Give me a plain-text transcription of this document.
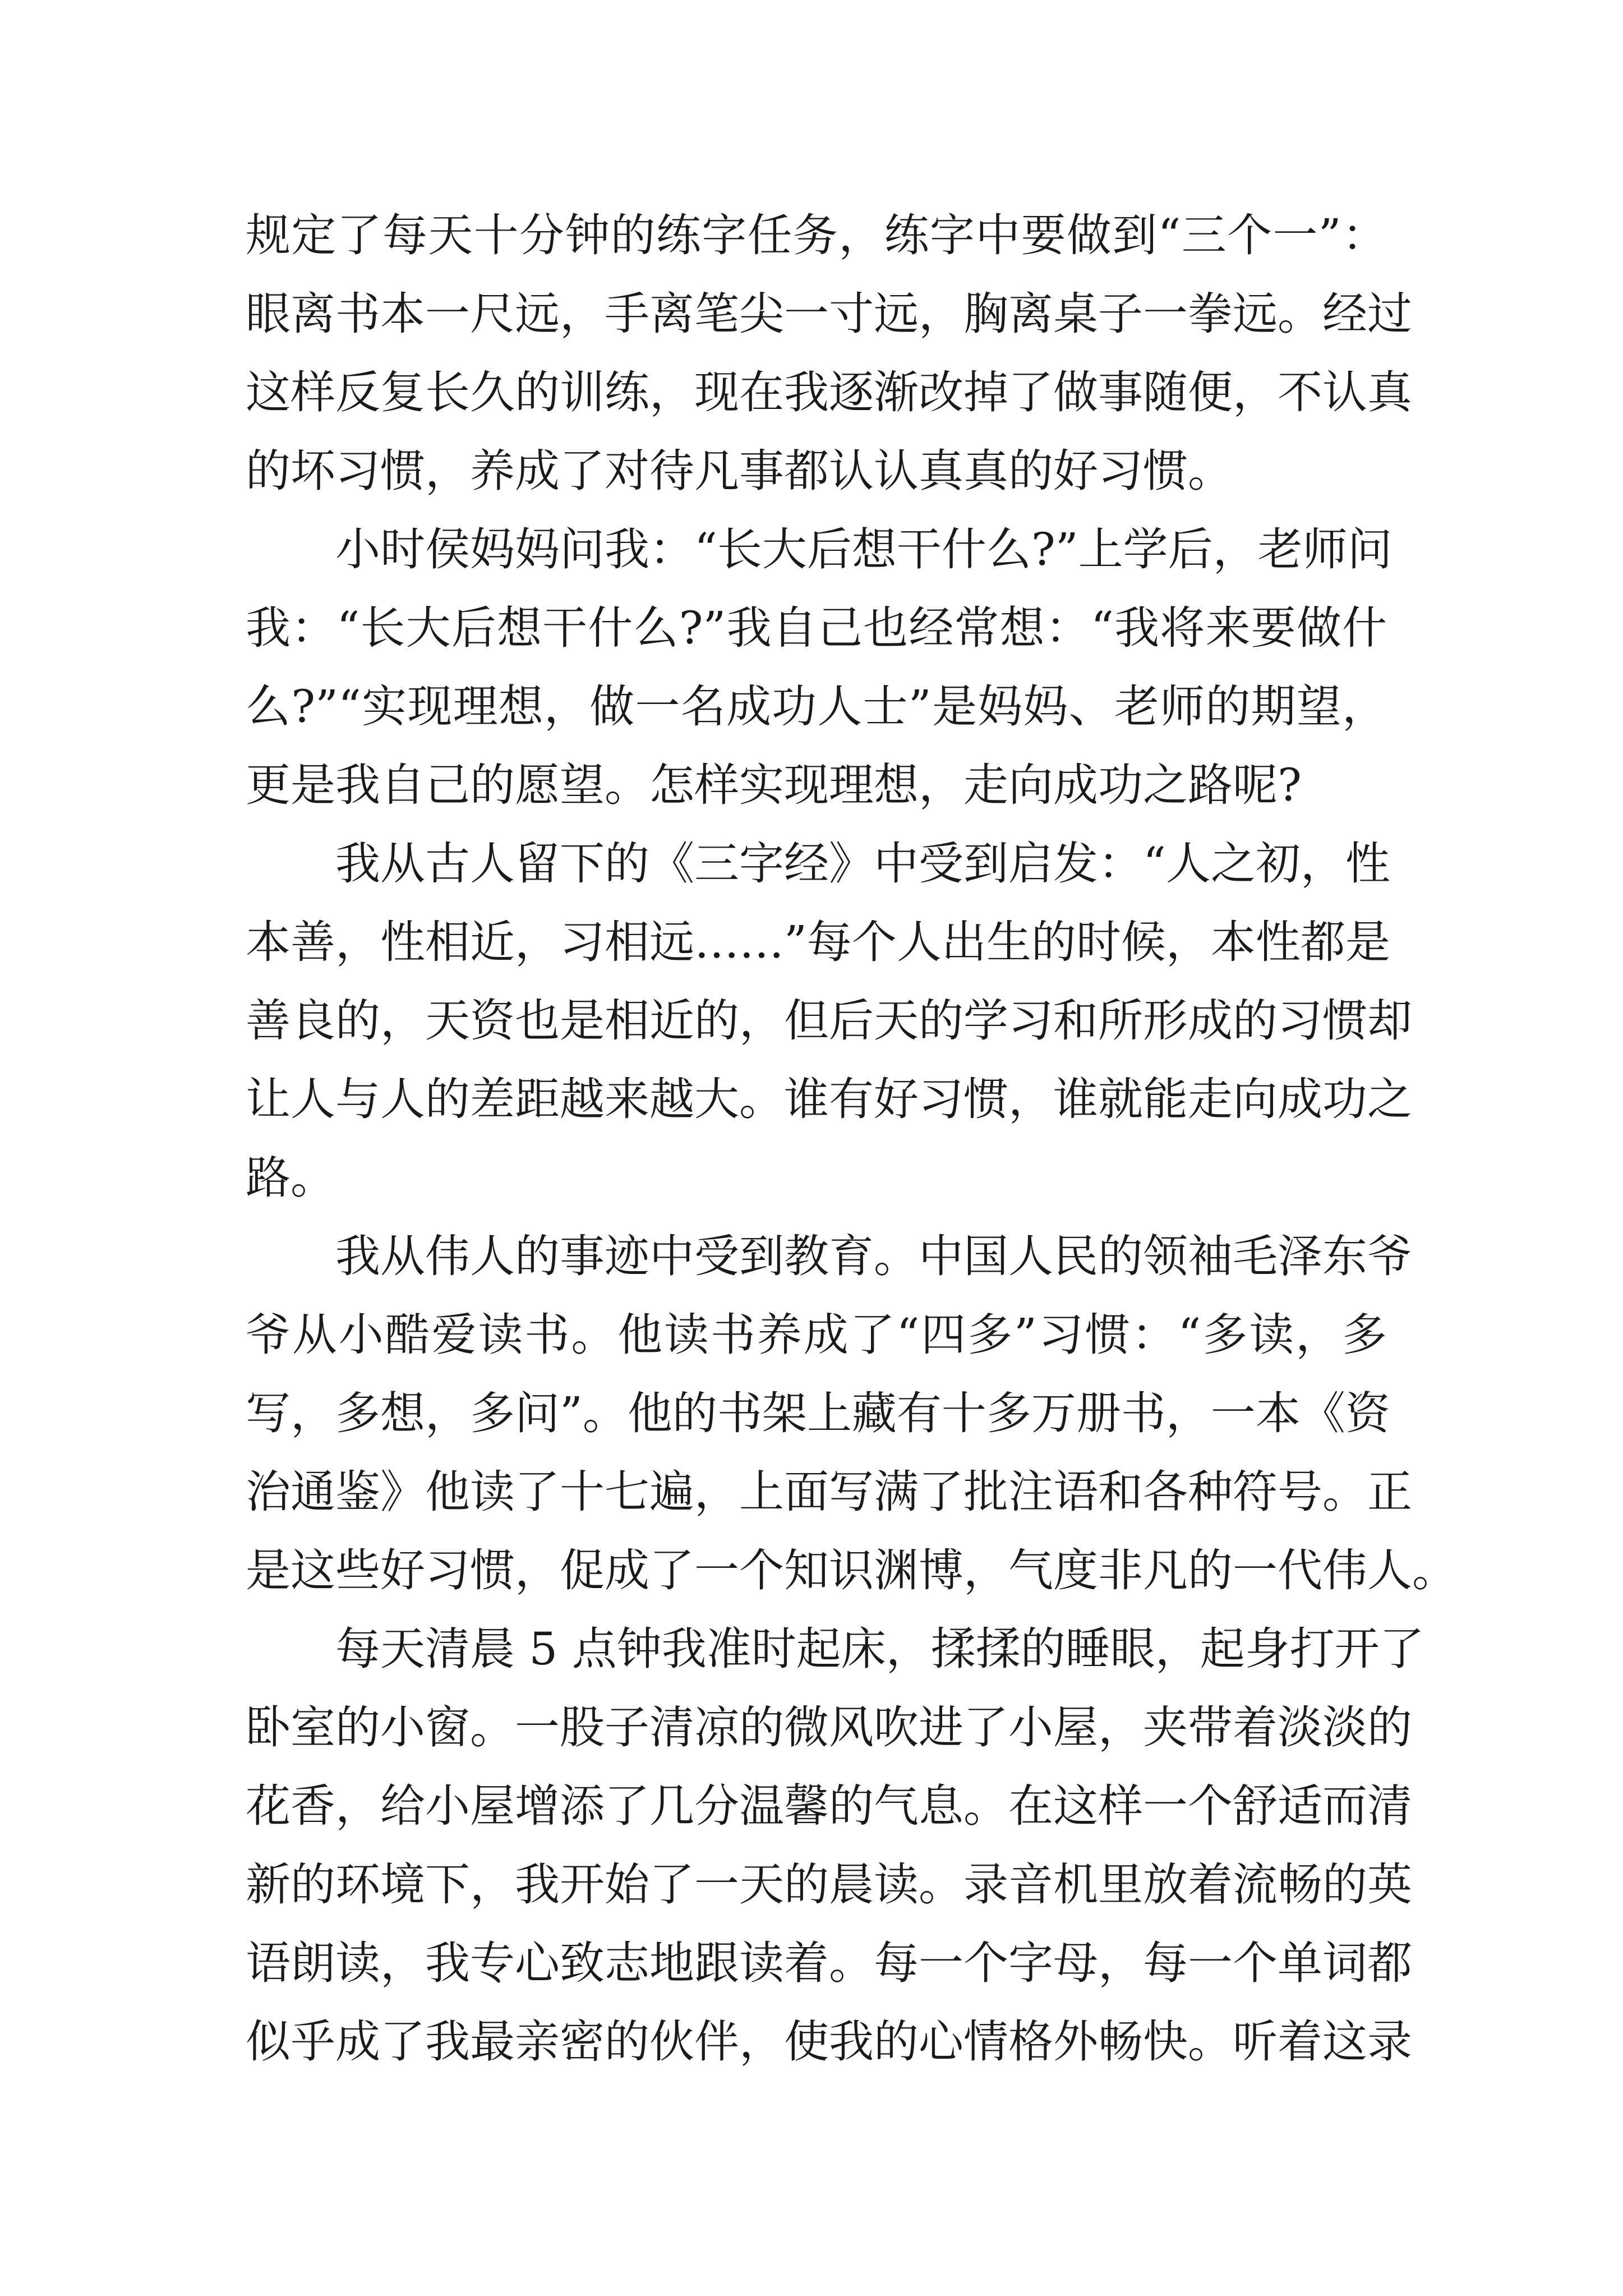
规定了每天十分钟的练字任务，练字中要做到“三个一”：
眼离书本一尺远，手离笔尖一寸远，胸离桌子一拳远。经过
这样反复长久的训练，现在我逐渐改掉了做事随便，不认真
的坏习惯，养成了对待凡事都认认真真的好习惯。
小时侯妈妈问我：“长大后想干什么?”上学后，老师问
我：“长大后想干什么?”我自己也经常想：“我将来要做什
么?”“实现理想，做一名成功人士”是妈妈、老师的期望，
更是我自己的愿望。怎样实现理想，走向成功之路呢?
我从古人留下的《三字经》中受到启发：“人之初，性
本善，性相近，习相远……”每个人出生的时候，本性都是
善良的，天资也是相近的，但后天的学习和所形成的习惯却
让人与人的差距越来越大。谁有好习惯，谁就能走向成功之
路。
我从伟人的事迹中受到教育。中国人民的领袖毛泽东爷
爷从小酷爱读书。他读书养成了“四多”习惯：“多读，多
写，多想，多问”。他的书架上藏有十多万册书，一本《资
治通鉴》他读了十七遍，上面写满了批注语和各种符号。正
是这些好习惯，促成了一个知识渊博，气度非凡的一代伟人。
每天清晨 5 点钟我准时起床，揉揉的睡眼，起身打开了
卧室的小窗。一股子清凉的微风吹进了小屋，夹带着淡淡的
花香，给小屋增添了几分温馨的气息。在这样一个舒适而清
新的环境下，我开始了一天的晨读。录音机里放着流畅的英
语朗读，我专心致志地跟读着。每一个字母，每一个单词都
似乎成了我最亲密的伙伴，使我的心情格外畅快。听着这录
